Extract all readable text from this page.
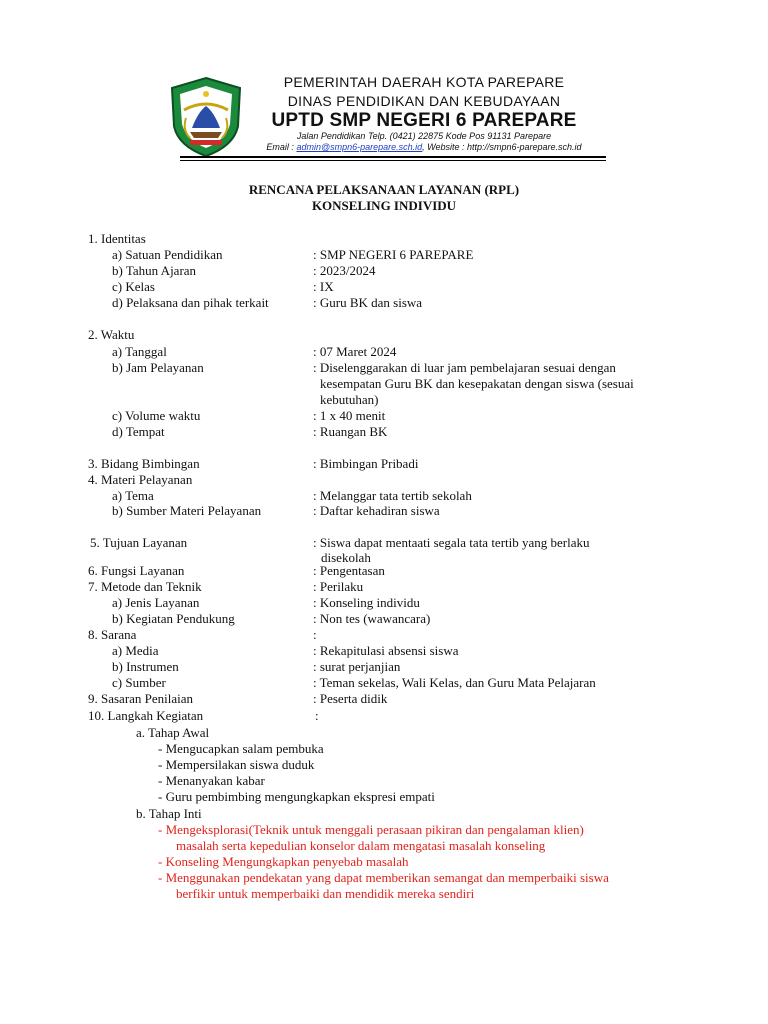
PEMERINTAH DAERAH KOTA PAREPARE
DINAS PENDIDIKAN DAN KEBUDAYAAN
UPTD SMP NEGERI 6 PAREPARE
Jalan Pendidikan Telp. (0421) 22875 Kode Pos 91131 Parepare
Email : admin@smpn6-parepare.sch.id, Website : http://smpn6-parepare.sch.id
RENCANA PELAKSANAAN LAYANAN (RPL)
KONSELING INDIVIDU
1. Identitas
a) Satuan Pendidikan	: SMP NEGERI 6 PAREPARE
b) Tahun Ajaran	: 2023/2024
c) Kelas	: IX
d) Pelaksana dan pihak terkait	: Guru BK dan siswa
2. Waktu
a) Tanggal	: 07 Maret 2024
b) Jam Pelayanan	: Diselenggarakan di luar jam pembelajaran sesuai dengan
kesempatan Guru BK dan kesepakatan dengan siswa (sesuai
kebutuhan)
c) Volume waktu	: 1 x 40 menit
d) Tempat	: Ruangan BK
3. Bidang Bimbingan	: Bimbingan Pribadi
4. Materi Pelayanan
a) Tema	: Melanggar tata tertib sekolah
b) Sumber Materi Pelayanan	: Daftar kehadiran siswa
5. Tujuan Layanan	: Siswa dapat mentaati segala tata tertib yang berlaku
disekolah
6. Fungsi Layanan	: Pengentasan
7. Metode dan Teknik	: Perilaku
a) Jenis Layanan	: Konseling individu
b) Kegiatan Pendukung	: Non tes (wawancara)
8. Sarana	:
a) Media	: Rekapitulasi absensi siswa
b) Instrumen	: surat perjanjian
c) Sumber	: Teman sekelas, Wali Kelas, dan Guru Mata Pelajaran
9. Sasaran Penilaian	: Peserta didik
10. Langkah Kegiatan	:
a. Tahap Awal
- Mengucapkan salam pembuka
- Mempersilakan siswa duduk
- Menanyakan kabar
- Guru pembimbing mengungkapkan ekspresi empati
b. Tahap Inti
- Mengeksplorasi(Teknik untuk menggali perasaan pikiran dan pengalaman klien)
masalah serta kepedulian konselor dalam mengatasi masalah konseling
- Konseling Mengungkapkan penyebab masalah
- Menggunakan pendekatan yang dapat memberikan semangat dan memperbaiki siswa
berfikir untuk memperbaiki dan mendidik mereka sendiri
